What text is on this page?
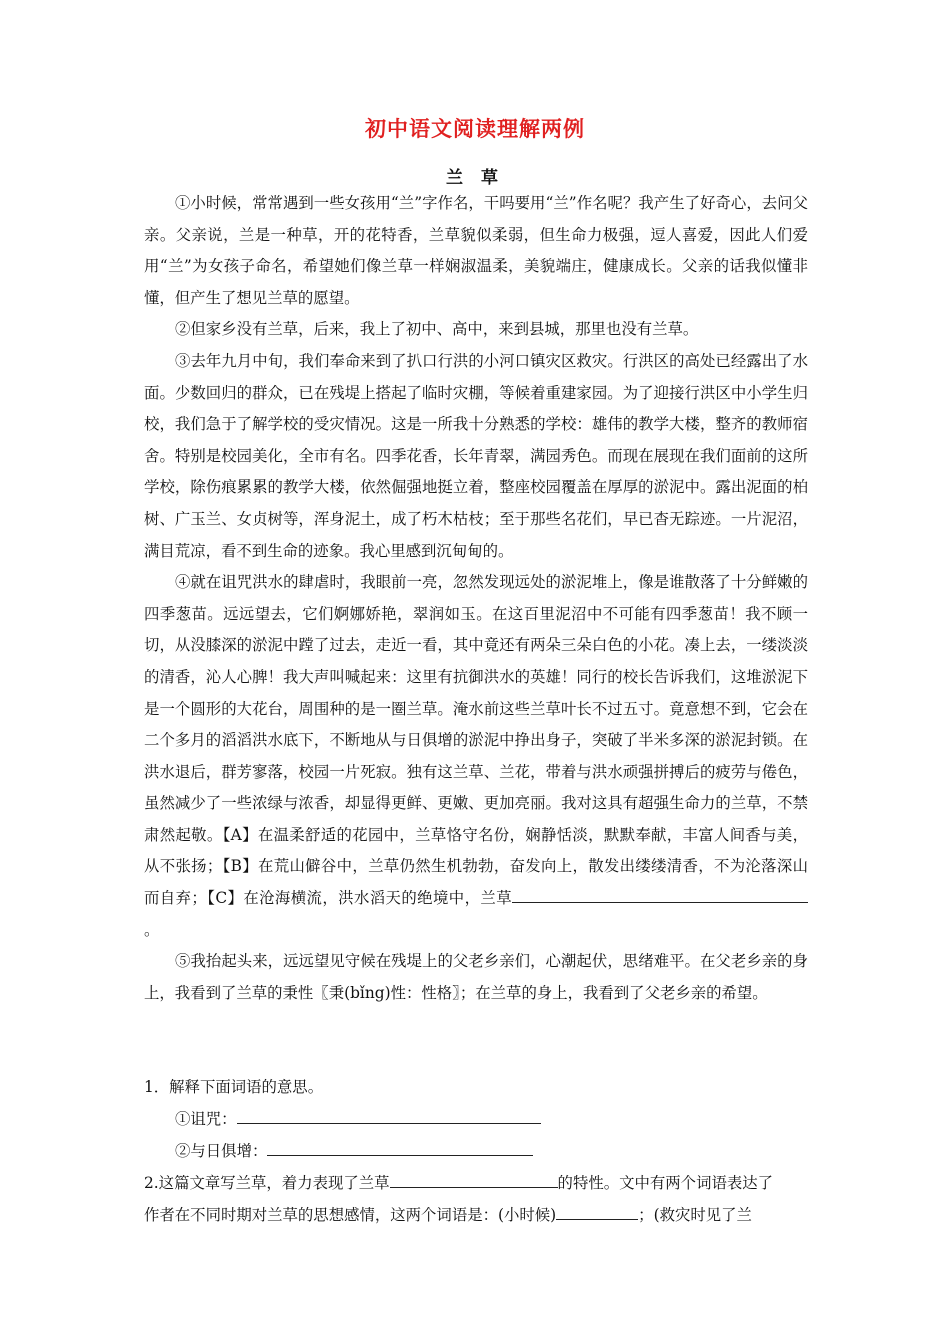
初中语文阅读理解两例
兰 草

①小时候，常常遇到一些女孩用“兰”字作名，干吗要用“兰”作名呢？我产生了好奇心，去问父亲。父亲说，兰是一种草，开的花特香，兰草貌似柔弱，但生命力极强，逗人喜爱，因此人们爱用“兰”为女孩子命名，希望她们像兰草一样娴淑温柔，美貌端庄，健康成长。父亲的话我似懂非懂，但产生了想见兰草的愿望。

②但家乡没有兰草，后来，我上了初中、高中，来到县城，那里也没有兰草。

③去年九月中旬，我们奉命来到了扒口行洪的小河口镇灾区救灾。行洪区的高处已经露出了水面。少数回归的群众，已在残堤上搭起了临时灾棚，等候着重建家园。为了迎接行洪区中小学生归校，我们急于了解学校的受灾情况。这是一所我十分熟悉的学校：雄伟的教学大楼，整齐的教师宿舍。特别是校园美化，全市有名。四季花香，长年青翠，满园秀色。而现在展现在我们面前的这所学校，除伤痕累累的教学大楼，依然倔强地挺立着，整座校园覆盖在厚厚的淤泥中。露出泥面的柏树、广玉兰、女贞树等，浑身泥土，成了朽木枯枝；至于那些名花们，早已杳无踪迹。一片泥沼，满目荒凉，看不到生命的迹象。我心里感到沉甸甸的。

④就在诅咒洪水的肆虐时，我眼前一亮，忽然发现远处的淤泥堆上，像是谁散落了十分鲜嫩的四季葱苗。远远望去，它们婀娜娇艳，翠润如玉。在这百里泥沼中不可能有四季葱苗！我不顾一切，从没膝深的淤泥中蹚了过去，走近一看，其中竟还有两朵三朵白色的小花。凑上去，一缕淡淡的清香，沁人心脾！我大声叫喊起来：这里有抗御洪水的英雄！同行的校长告诉我们，这堆淤泥下是一个圆形的大花台，周围种的是一圈兰草。淹水前这些兰草叶长不过五寸。竟意想不到，它会在二个多月的滔滔洪水底下，不断地从与日俱增的淤泥中挣出身子，突破了半米多深的淤泥封锁。在洪水退后，群芳寥落，校园一片死寂。独有这兰草、兰花，带着与洪水顽强拼搏后的疲劳与倦色，虽然减少了一些浓绿与浓香，却显得更鲜、更嫩、更加亮丽。我对这具有超强生命力的兰草，不禁肃然起敬。【A】在温柔舒适的花园中，兰草恪守名份，娴静恬淡，默默奉献，丰富人间香与美，从不张扬；【B】在荒山僻谷中，兰草仍然生机勃勃，奋发向上，散发出缕缕清香，不为沦落深山而自弃；【C】在沧海横流，洪水滔天的绝境中，兰草 。

⑤我抬起头来，远远望见守候在残堤上的父老乡亲们，心潮起伏，思绪难平。在父老乡亲的身上，我看到了兰草的秉性〖秉(bǐng)性：性格〗；在兰草的身上，我看到了父老乡亲的希望。

1．解释下面词语的意思。

①诅咒：

②与日俱增：

2.这篇文章写兰草，着力表现了兰草	的特性。文中有两个词语表达了

作者在不同时期对兰草的思想感情，这两个词语是：(小时候)	；(救灾时见了兰
